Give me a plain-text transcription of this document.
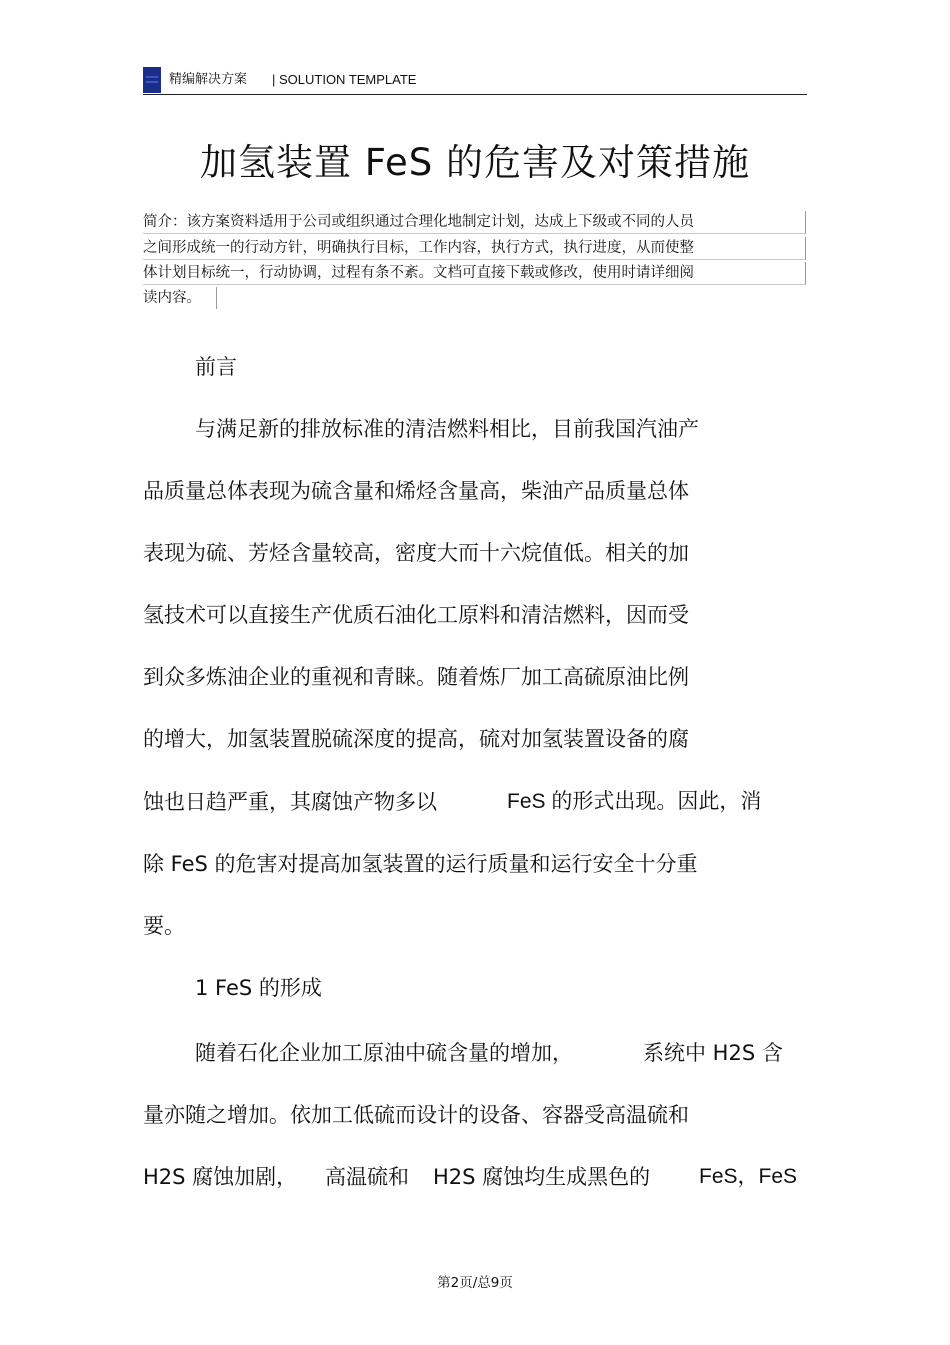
精编解决方案 | SOLUTION TEMPLATE
加氢装置 FeS 的危害及对策措施
简介：该方案资料适用于公司或组织通过合理化地制定计划，达成上下级或不同的人员
之间形成统一的行动方针，明确执行目标，工作内容，执行方式，执行进度，从而使整
体计划目标统一，行动协调，过程有条不紊。文档可直接下载或修改，使用时请详细阅
读内容。
前言
与满足新的排放标准的清洁燃料相比，目前我国汽油产
品质量总体表现为硫含量和烯烃含量高，柴油产品质量总体
表现为硫、芳烃含量较高，密度大而十六烷值低。相关的加
氢技术可以直接生产优质石油化工原料和清洁燃料，因而受
到众多炼油企业的重视和青睐。随着炼厂加工高硫原油比例
的增大，加氢装置脱硫深度的提高，硫对加氢装置设备的腐
蚀也日趋严重，其腐蚀产物多以	FeS 的形式出现。因此，消
除 FeS 的危害对提高加氢装置的运行质量和运行安全十分重
要。
1 FeS 的形成
随着石化企业加工原油中硫含量的增加，	系统中 H2S 含
量亦随之增加。依加工低硫而设计的设备、容器受高温硫和
H2S 腐蚀加剧， 高温硫和 H2S 腐蚀均生成黑色的 FeS，FeS
第2页/总9页
